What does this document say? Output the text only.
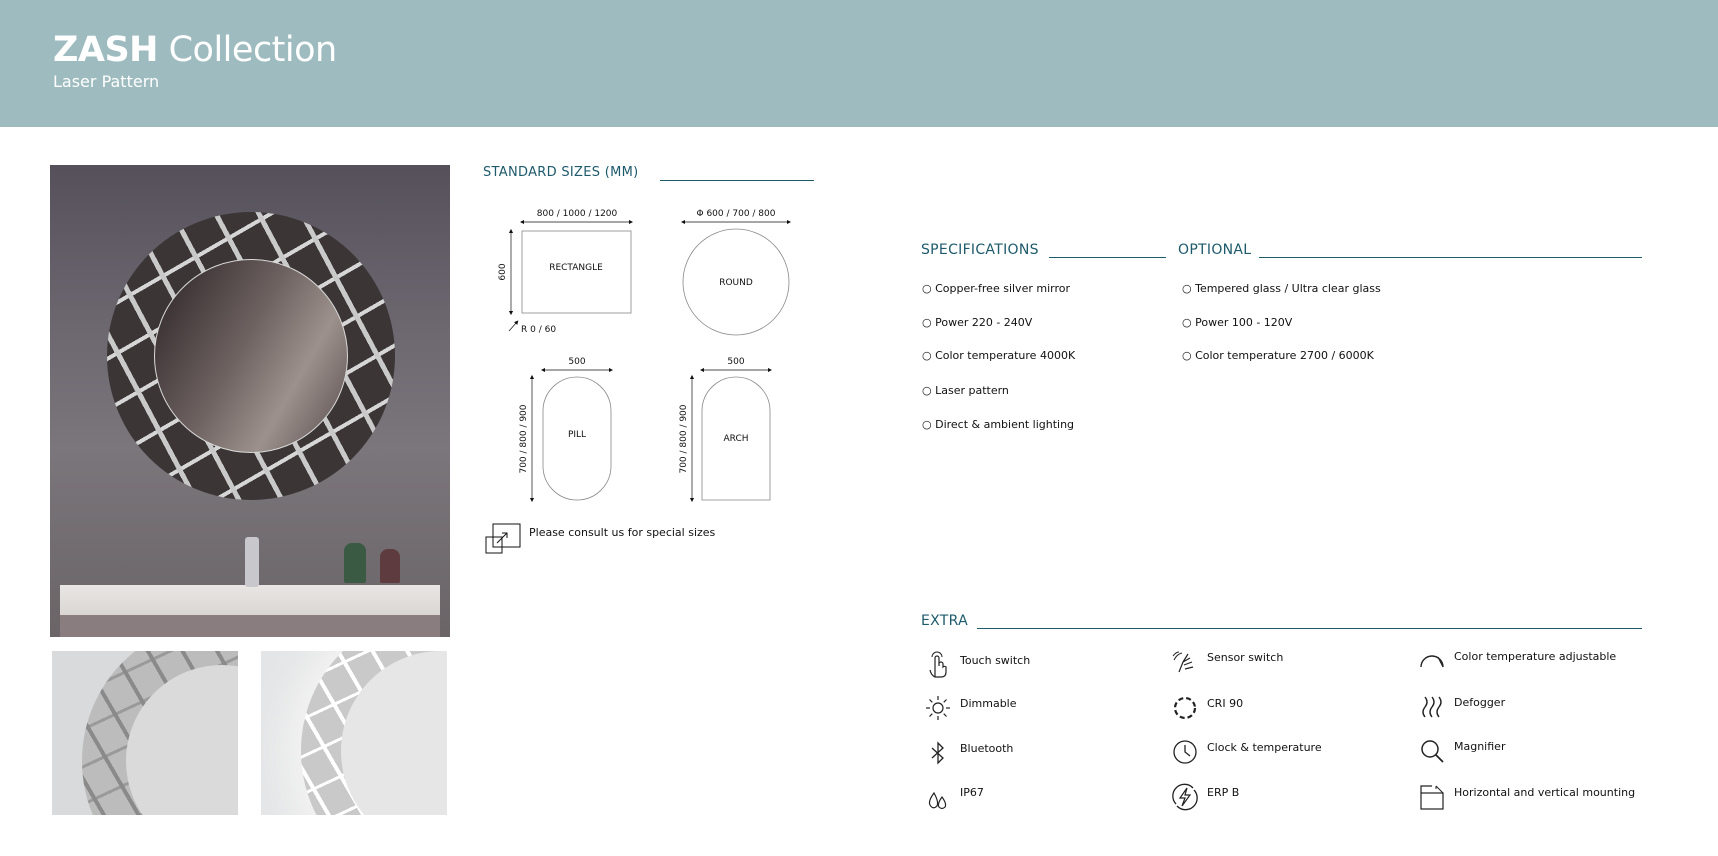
ZASH Collection
Laser Pattern
STANDARD SIZES (MM)
800 / 1000 / 1200
600
R 0 / 60
RECTANGLE
Φ 600 / 700 / 800
ROUND
500
700 / 800 / 900	PILL
500
700 / 800 / 900	ARCH
Please consult us for special sizes
SPECIFICATIONS
○ Copper-free silver mirror
○ Power 220 - 240V
○ Color temperature 4000K
○ Laser pattern
○ Direct & ambient lighting
OPTIONAL
○ Tempered glass / Ultra clear glass
○ Power 100 - 120V
○ Color temperature 2700 / 6000K
EXTRA
Touch switch	Sensor switch	Color temperature adjustable
Dimmable	CRI 90	Defogger
Bluetooth	Clock & temperature	Magnifier
IP67	ERP B	Horizontal and vertical mounting
